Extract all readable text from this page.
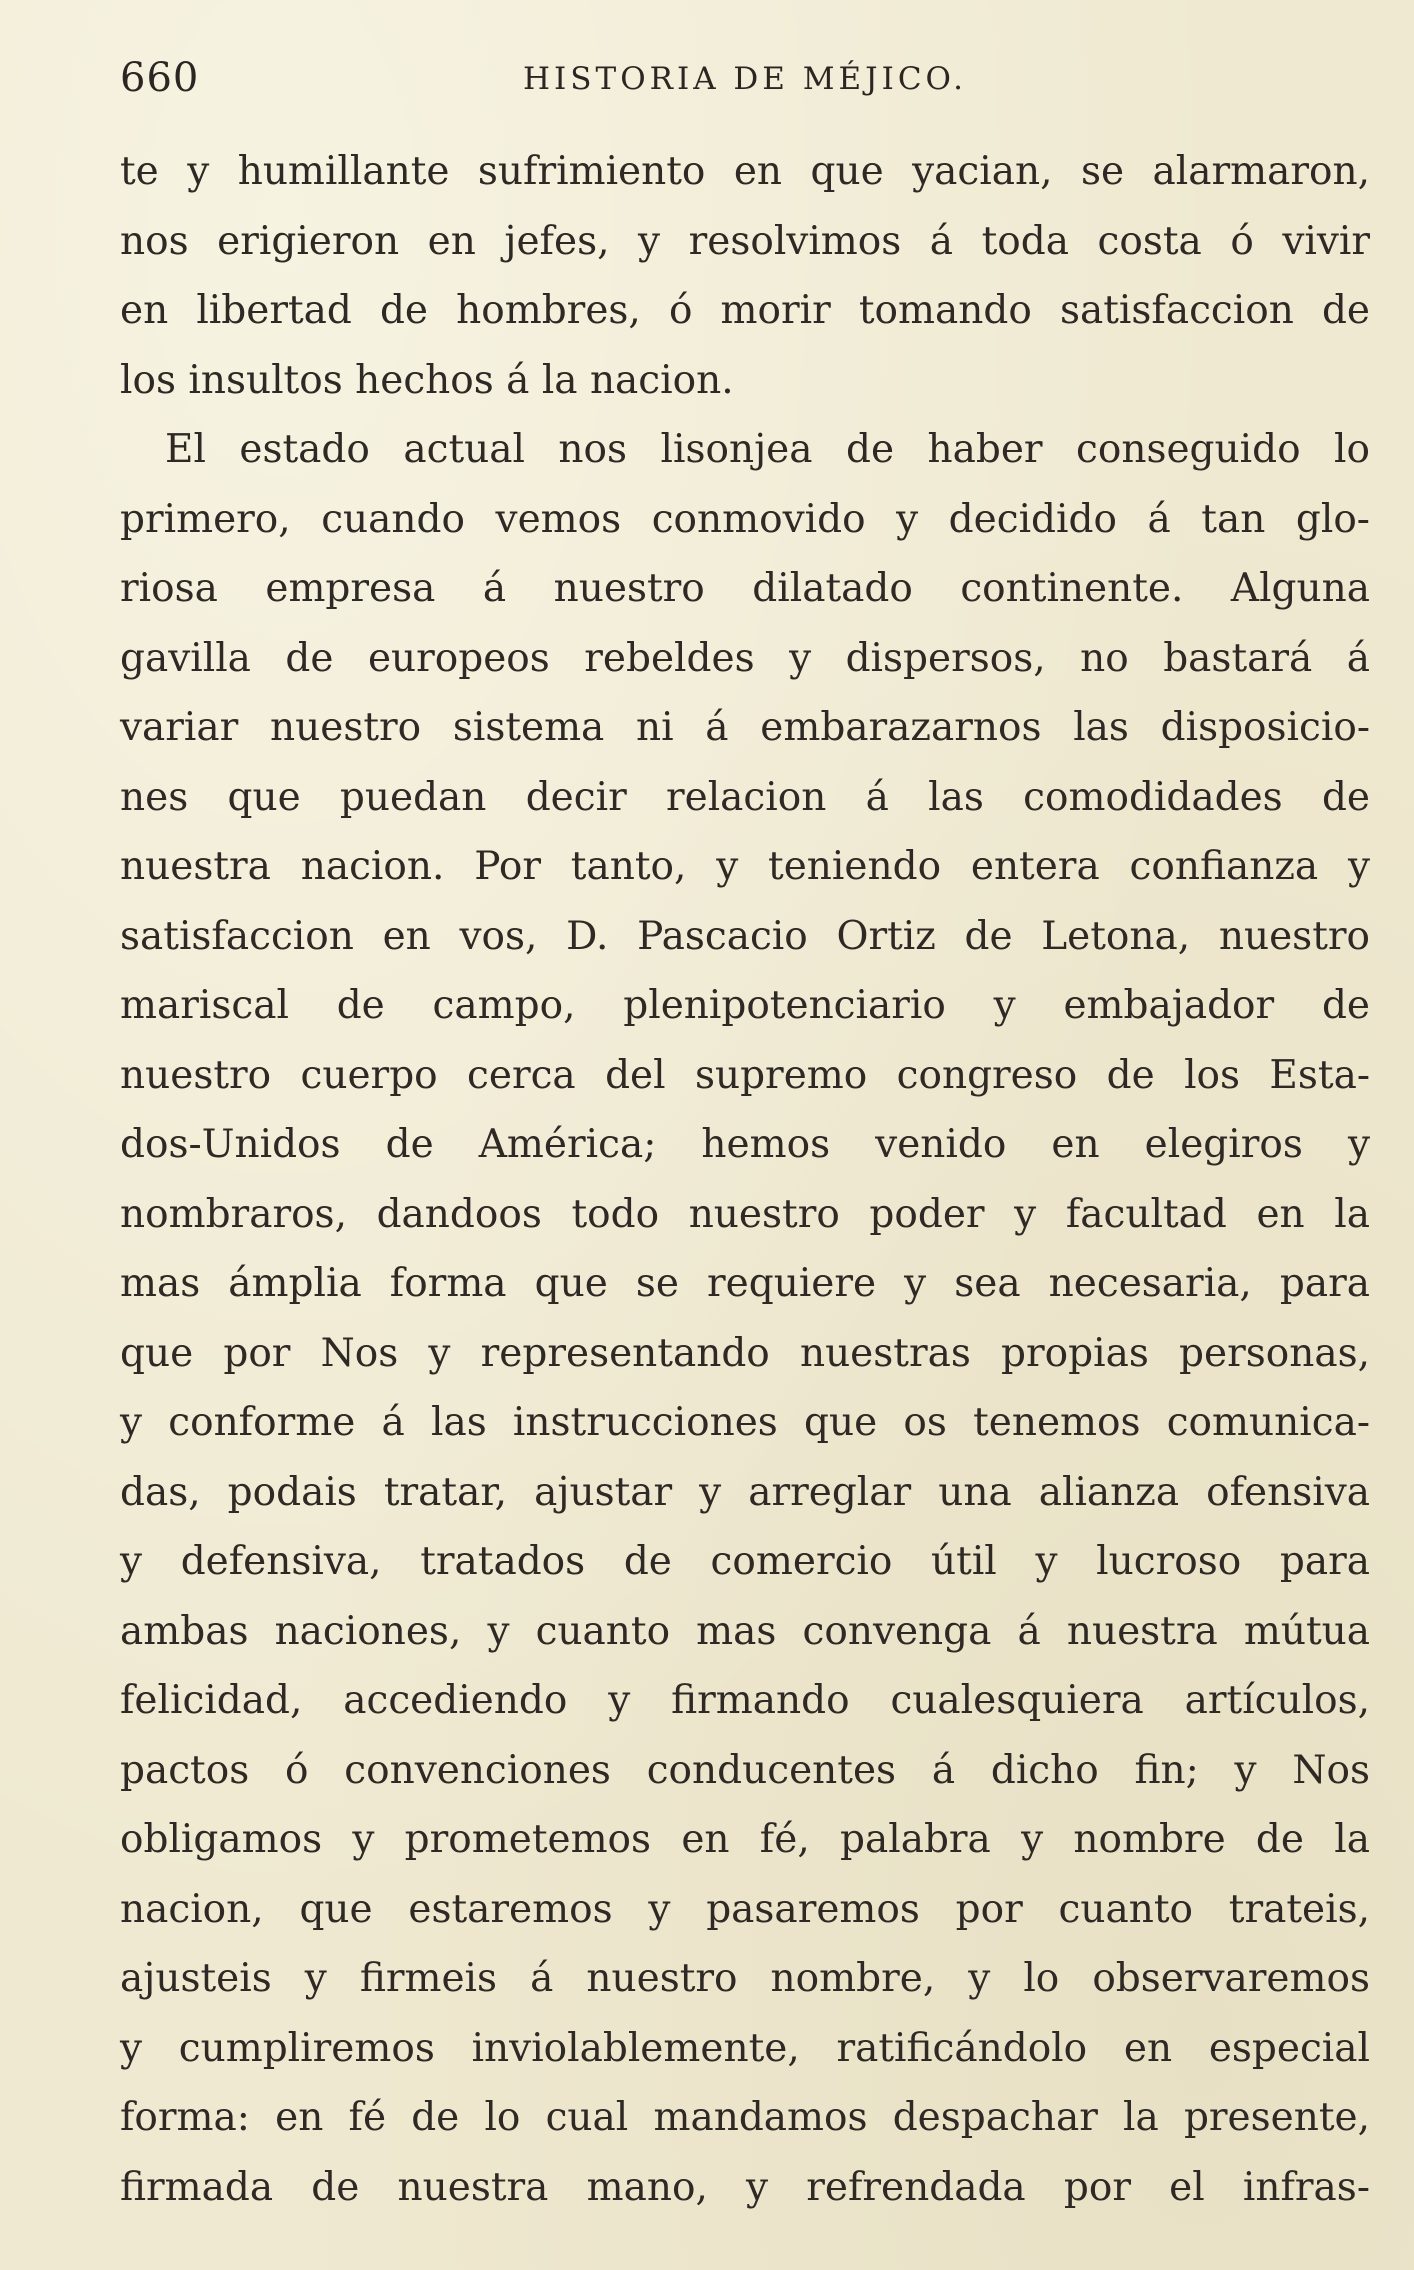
660	HISTORIA DE MÉJICO.
te y humillante sufrimiento en que yacian, se alarmaron,
nos erigieron en jefes, y resolvimos á toda costa ó vivir
en libertad de hombres, ó morir tomando satisfaccion de
los insultos hechos á la nacion.
El estado actual nos lisonjea de haber conseguido lo
primero, cuando vemos conmovido y decidido á tan glo-
riosa empresa á nuestro dilatado continente. Alguna
gavilla de europeos rebeldes y dispersos, no bastará á
variar nuestro sistema ni á embarazarnos las disposicio-
nes que puedan decir relacion á las comodidades de
nuestra nacion. Por tanto, y teniendo entera confianza y
satisfaccion en vos, D. Pascacio Ortiz de Letona, nuestro
mariscal de campo, plenipotenciario y embajador de
nuestro cuerpo cerca del supremo congreso de los Esta-
dos-Unidos de América; hemos venido en elegiros y
nombraros, dandoos todo nuestro poder y facultad en la
mas ámplia forma que se requiere y sea necesaria, para
que por Nos y representando nuestras propias personas,
y conforme á las instrucciones que os tenemos comunica-
das, podais tratar, ajustar y arreglar una alianza ofensiva
y defensiva, tratados de comercio útil y lucroso para
ambas naciones, y cuanto mas convenga á nuestra mútua
felicidad, accediendo y firmando cualesquiera artículos,
pactos ó convenciones conducentes á dicho fin; y Nos
obligamos y prometemos en fé, palabra y nombre de la
nacion, que estaremos y pasaremos por cuanto trateis,
ajusteis y firmeis á nuestro nombre, y lo observaremos
y cumpliremos inviolablemente, ratificándolo en especial
forma: en fé de lo cual mandamos despachar la presente,
firmada de nuestra mano, y refrendada por el infras-
